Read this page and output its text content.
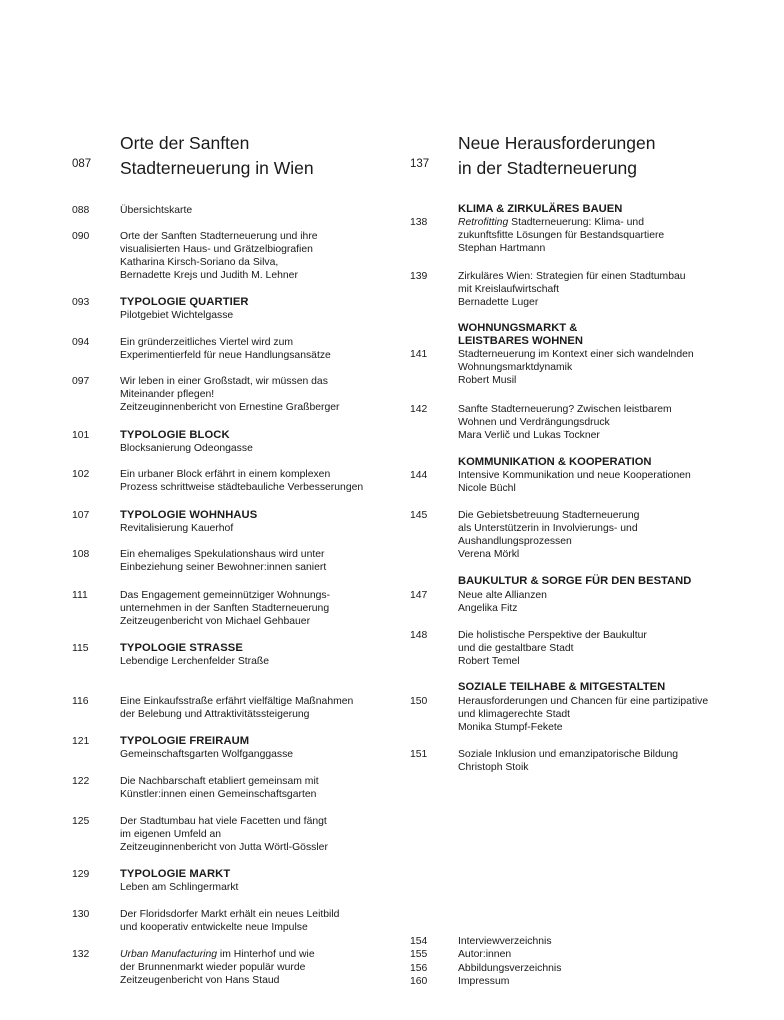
087
Orte der Sanften
Stadterneuerung in Wien
088	Übersichtskarte
090	Orte der Sanften Stadterneuerung und ihre
visualisierten Haus- und Grätzelbiografien
Katharina Kirsch-Soriano da Silva,
Bernadette Krejs und Judith M. Lehner
093	TYPOLOGIE QUARTIER
Pilotgebiet Wichtelgasse
094	Ein gründerzeitliches Viertel wird zum
Experimentierfeld für neue Handlungsansätze
097	Wir leben in einer Großstadt, wir müssen das
Miteinander pflegen!
Zeitzeuginnenbericht von Ernestine Graßberger
101	TYPOLOGIE BLOCK
Blocksanierung Odeongasse
102	Ein urbaner Block erfährt in einem komplexen
Prozess schrittweise städtebauliche Verbesserungen
107	TYPOLOGIE WOHNHAUS
Revitalisierung Kauerhof
108	Ein ehemaliges Spekulationshaus wird unter
Einbeziehung seiner Bewohner:innen saniert
111	Das Engagement gemeinnütziger Wohnungs-
unternehmen in der Sanften Stadterneuerung
Zeitzeugenbericht von Michael Gehbauer
115	TYPOLOGIE STRASSE
Lebendige Lerchenfelder Straße
116	Eine Einkaufsstraße erfährt vielfältige Maßnahmen
der Belebung und Attraktivitätssteigerung
121	TYPOLOGIE FREIRAUM
Gemeinschaftsgarten Wolfganggasse
122	Die Nachbarschaft etabliert gemeinsam mit
Künstler:innen einen Gemeinschaftsgarten
125	Der Stadtumbau hat viele Facetten und fängt
im eigenen Umfeld an
Zeitzeuginnenbericht von Jutta Wörtl-Gössler
129	TYPOLOGIE MARKT
Leben am Schlingermarkt
130	Der Floridsdorfer Markt erhält ein neues Leitbild
und kooperativ entwickelte neue Impulse
132	Urban Manufacturing im Hinterhof und wie
der Brunnenmarkt wieder populär wurde
Zeitzeugenbericht von Hans Staud
137
Neue Herausforderungen
in der Stadterneuerung
KLIMA & ZIRKULÄRES BAUEN
WOHNUNGSMARKT &
LEISTBARES WOHNEN
KOMMUNIKATION & KOOPERATION
BAUKULTUR & SORGE FÜR DEN BESTAND
SOZIALE TEILHABE & MITGESTALTEN
138	Retrofitting Stadterneuerung: Klima- und
zukunftsfitte Lösungen für Bestandsquartiere
Stephan Hartmann
139	Zirkuläres Wien: Strategien für einen Stadtumbau
mit Kreislaufwirtschaft
Bernadette Luger
141	Stadterneuerung im Kontext einer sich wandelnden
Wohnungsmarktdynamik
Robert Musil
142	Sanfte Stadterneuerung? Zwischen leistbarem
Wohnen und Verdrängungsdruck
Mara Verlič und Lukas Tockner
144	Intensive Kommunikation und neue Kooperationen
Nicole Büchl
145	Die Gebietsbetreuung Stadterneuerung
als Unterstützerin in Involvierungs- und
Aushandlungsprozessen
Verena Mörkl
147	Neue alte Allianzen
Angelika Fitz
148	Die holistische Perspektive der Baukultur
und die gestaltbare Stadt
Robert Temel
150	Herausforderungen und Chancen für eine partizipative
und klimagerechte Stadt
Monika Stumpf-Fekete
151	Soziale Inklusion und emanzipatorische Bildung
Christoph Stoik
154	Interviewverzeichnis
155	Autor:innen
156	Abbildungsverzeichnis
160	Impressum
